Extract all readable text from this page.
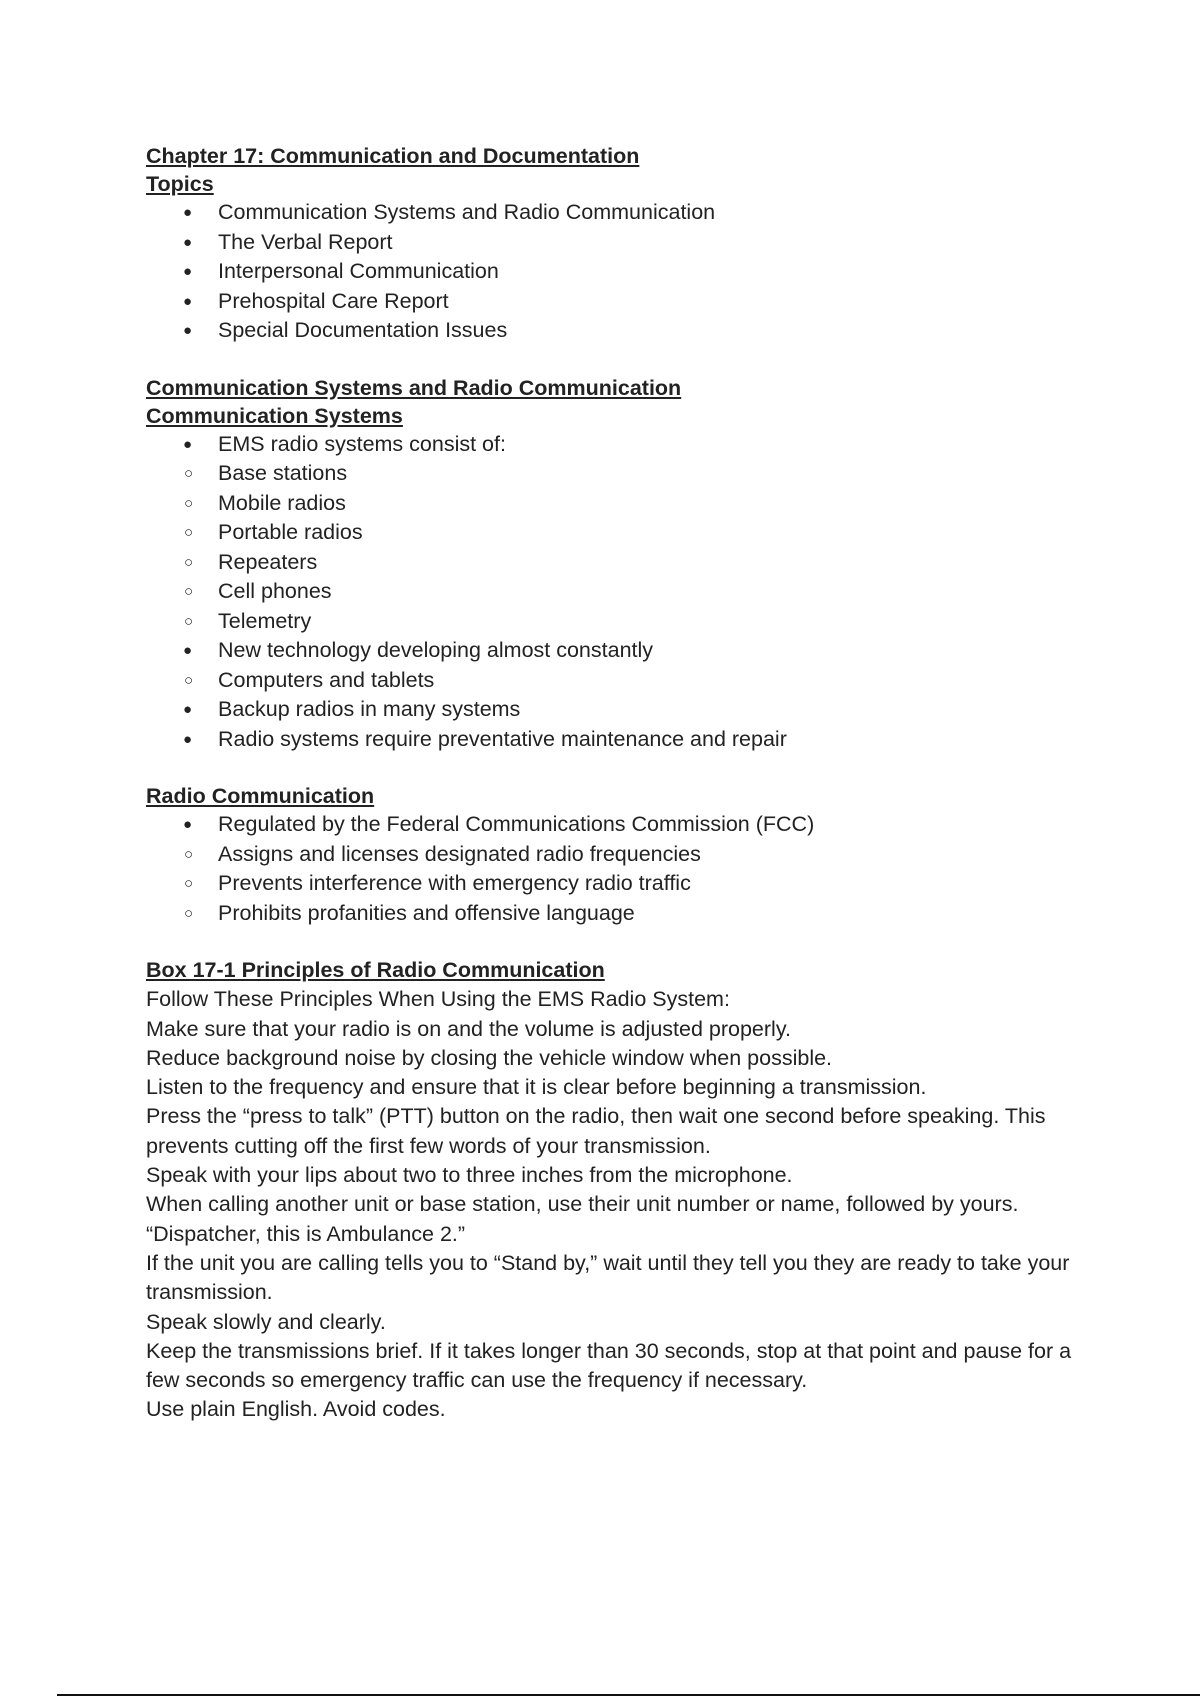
Chapter 17: Communication and Documentation

Topics

● Communication Systems and Radio Communication
● The Verbal Report
● Interpersonal Communication
● Prehospital Care Report
● Special Documentation Issues

Communication Systems and Radio Communication

Communication Systems

● EMS radio systems consist of:
○ Base stations
○ Mobile radios
○ Portable radios
○ Repeaters
○ Cell phones
○ Telemetry
● New technology developing almost constantly
○ Computers and tablets
● Backup radios in many systems
● Radio systems require preventative maintenance and repair

Radio Communication

● Regulated by the Federal Communications Commission (FCC)
○ Assigns and licenses designated radio frequencies
○ Prevents interference with emergency radio traffic
○ Prohibits profanities and offensive language

Box 17-1 Principles of Radio Communication

Follow These Principles When Using the EMS Radio System:

Make sure that your radio is on and the volume is adjusted properly.

Reduce background noise by closing the vehicle window when possible.

Listen to the frequency and ensure that it is clear before beginning a transmission.

Press the “press to talk” (PTT) button on the radio, then wait one second before speaking. This prevents cutting off the first few words of your transmission.

Speak with your lips about two to three inches from the microphone.

When calling another unit or base station, use their unit number or name, followed by yours. “Dispatcher, this is Ambulance 2.”

If the unit you are calling tells you to “Stand by,” wait until they tell you they are ready to take your transmission.

Speak slowly and clearly.

Keep the transmissions brief. If it takes longer than 30 seconds, stop at that point and pause for a few seconds so emergency traffic can use the frequency if necessary.

Use plain English. Avoid codes.
